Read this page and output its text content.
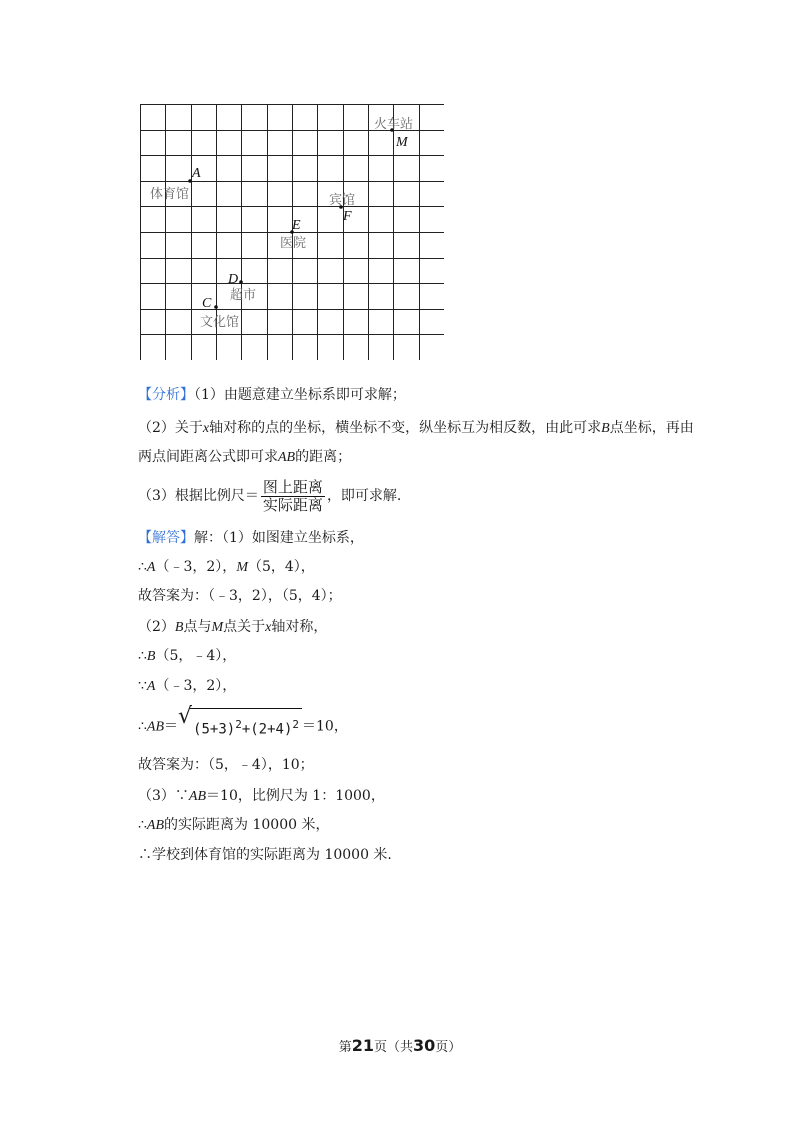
火车站
M
A
体育馆	宾馆
F
E
医院
D
超市
C
文化馆
【分析】（1）由题意建立坐标系即可求解；
（2）关于x轴对称的点的坐标，横坐标不变，纵坐标互为相反数，由此可求B点坐标，再由
两点间距离公式即可求AB的距离；
（3）根据比例尺＝ $\frac{\text{图上距离}}{\text{实际距离}}$ ，即可求解.
【解答】解：（1）如图建立坐标系，
∴A（﹣3，2），M（5，4），
故答案为：（﹣3，2），（5，4）；
（2）B点与M点关于x轴对称，
∴B（5，﹣4），
∵A（﹣3，2），
∴AB＝ √
$(5+3)^2+(2+4)^2 =10$，
故答案为：（5，﹣4），10；
（3）∵AB＝10，比例尺为 1：1000，
∴AB的实际距离为 10000 米，
∴学校到体育馆的实际距离为 10000 米.
第21页（共30页）
